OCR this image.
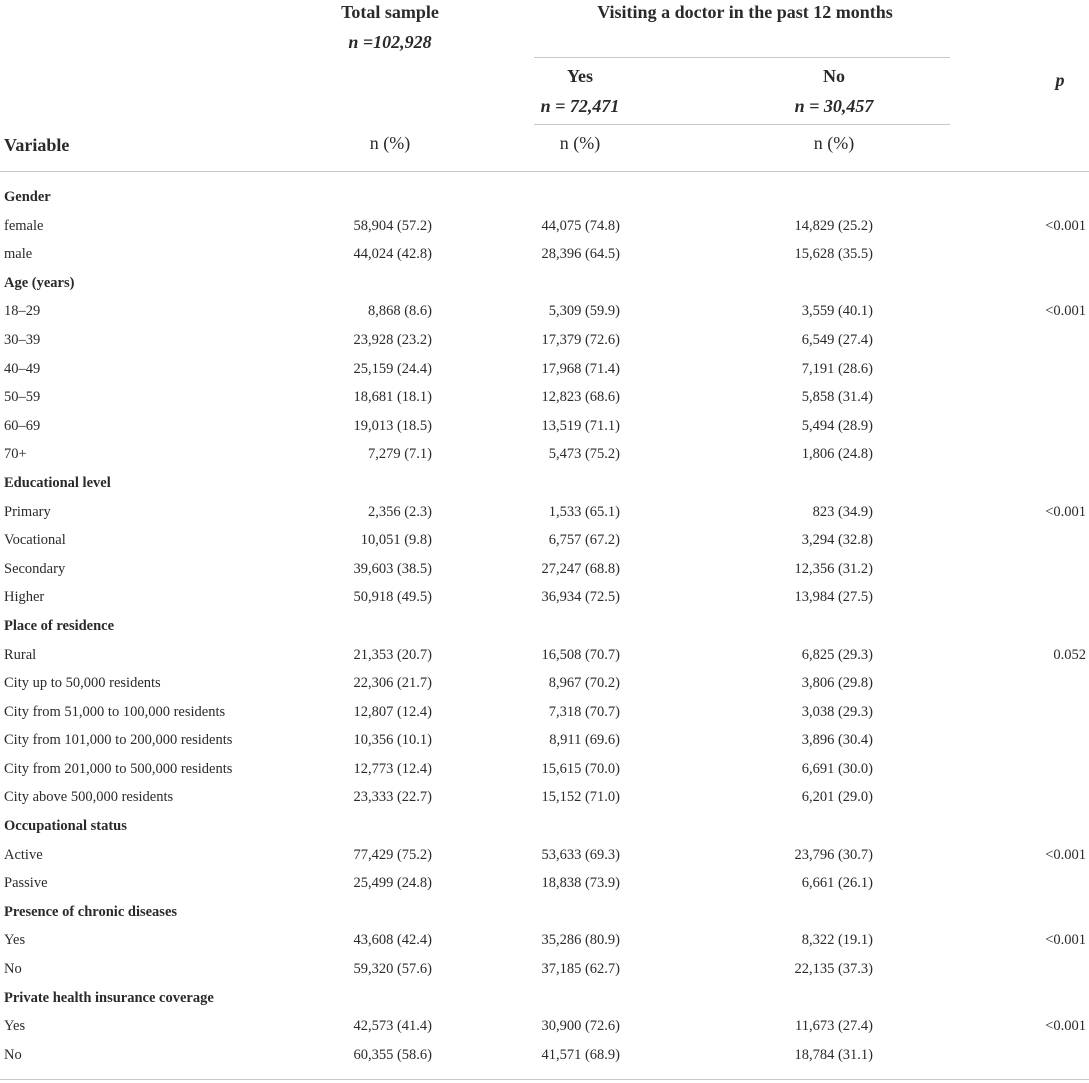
Total sample
n =102,928
Visiting a doctor in the past 12 months
Yes
n = 72,471
No
n = 30,457
p
Variable	n (%)	n (%)	n (%)
Gender
female	58,904 (57.2)	44,075 (74.8)	14,829 (25.2)	<0.001
male	44,024 (42.8)	28,396 (64.5)	15,628 (35.5)
Age (years)
18–29	8,868 (8.6)	5,309 (59.9)	3,559 (40.1)	<0.001
30–39	23,928 (23.2)	17,379 (72.6)	6,549 (27.4)
40–49	25,159 (24.4)	17,968 (71.4)	7,191 (28.6)
50–59	18,681 (18.1)	12,823 (68.6)	5,858 (31.4)
60–69	19,013 (18.5)	13,519 (71.1)	5,494 (28.9)
70+	7,279 (7.1)	5,473 (75.2)	1,806 (24.8)
Educational level
Primary	2,356 (2.3)	1,533 (65.1)	823 (34.9)	<0.001
Vocational	10,051 (9.8)	6,757 (67.2)	3,294 (32.8)
Secondary	39,603 (38.5)	27,247 (68.8)	12,356 (31.2)
Higher	50,918 (49.5)	36,934 (72.5)	13,984 (27.5)
Place of residence
Rural	21,353 (20.7)	16,508 (70.7)	6,825 (29.3)	0.052
City up to 50,000 residents	22,306 (21.7)	8,967 (70.2)	3,806 (29.8)
City from 51,000 to 100,000 residents	12,807 (12.4)	7,318 (70.7)	3,038 (29.3)
City from 101,000 to 200,000 residents	10,356 (10.1)	8,911 (69.6)	3,896 (30.4)
City from 201,000 to 500,000 residents	12,773 (12.4)	15,615 (70.0)	6,691 (30.0)
City above 500,000 residents	23,333 (22.7)	15,152 (71.0)	6,201 (29.0)
Occupational status
Active	77,429 (75.2)	53,633 (69.3)	23,796 (30.7)	<0.001
Passive	25,499 (24.8)	18,838 (73.9)	6,661 (26.1)
Presence of chronic diseases
Yes	43,608 (42.4)	35,286 (80.9)	8,322 (19.1)	<0.001
No	59,320 (57.6)	37,185 (62.7)	22,135 (37.3)
Private health insurance coverage
Yes	42,573 (41.4)	30,900 (72.6)	11,673 (27.4)	<0.001
No	60,355 (58.6)	41,571 (68.9)	18,784 (31.1)
